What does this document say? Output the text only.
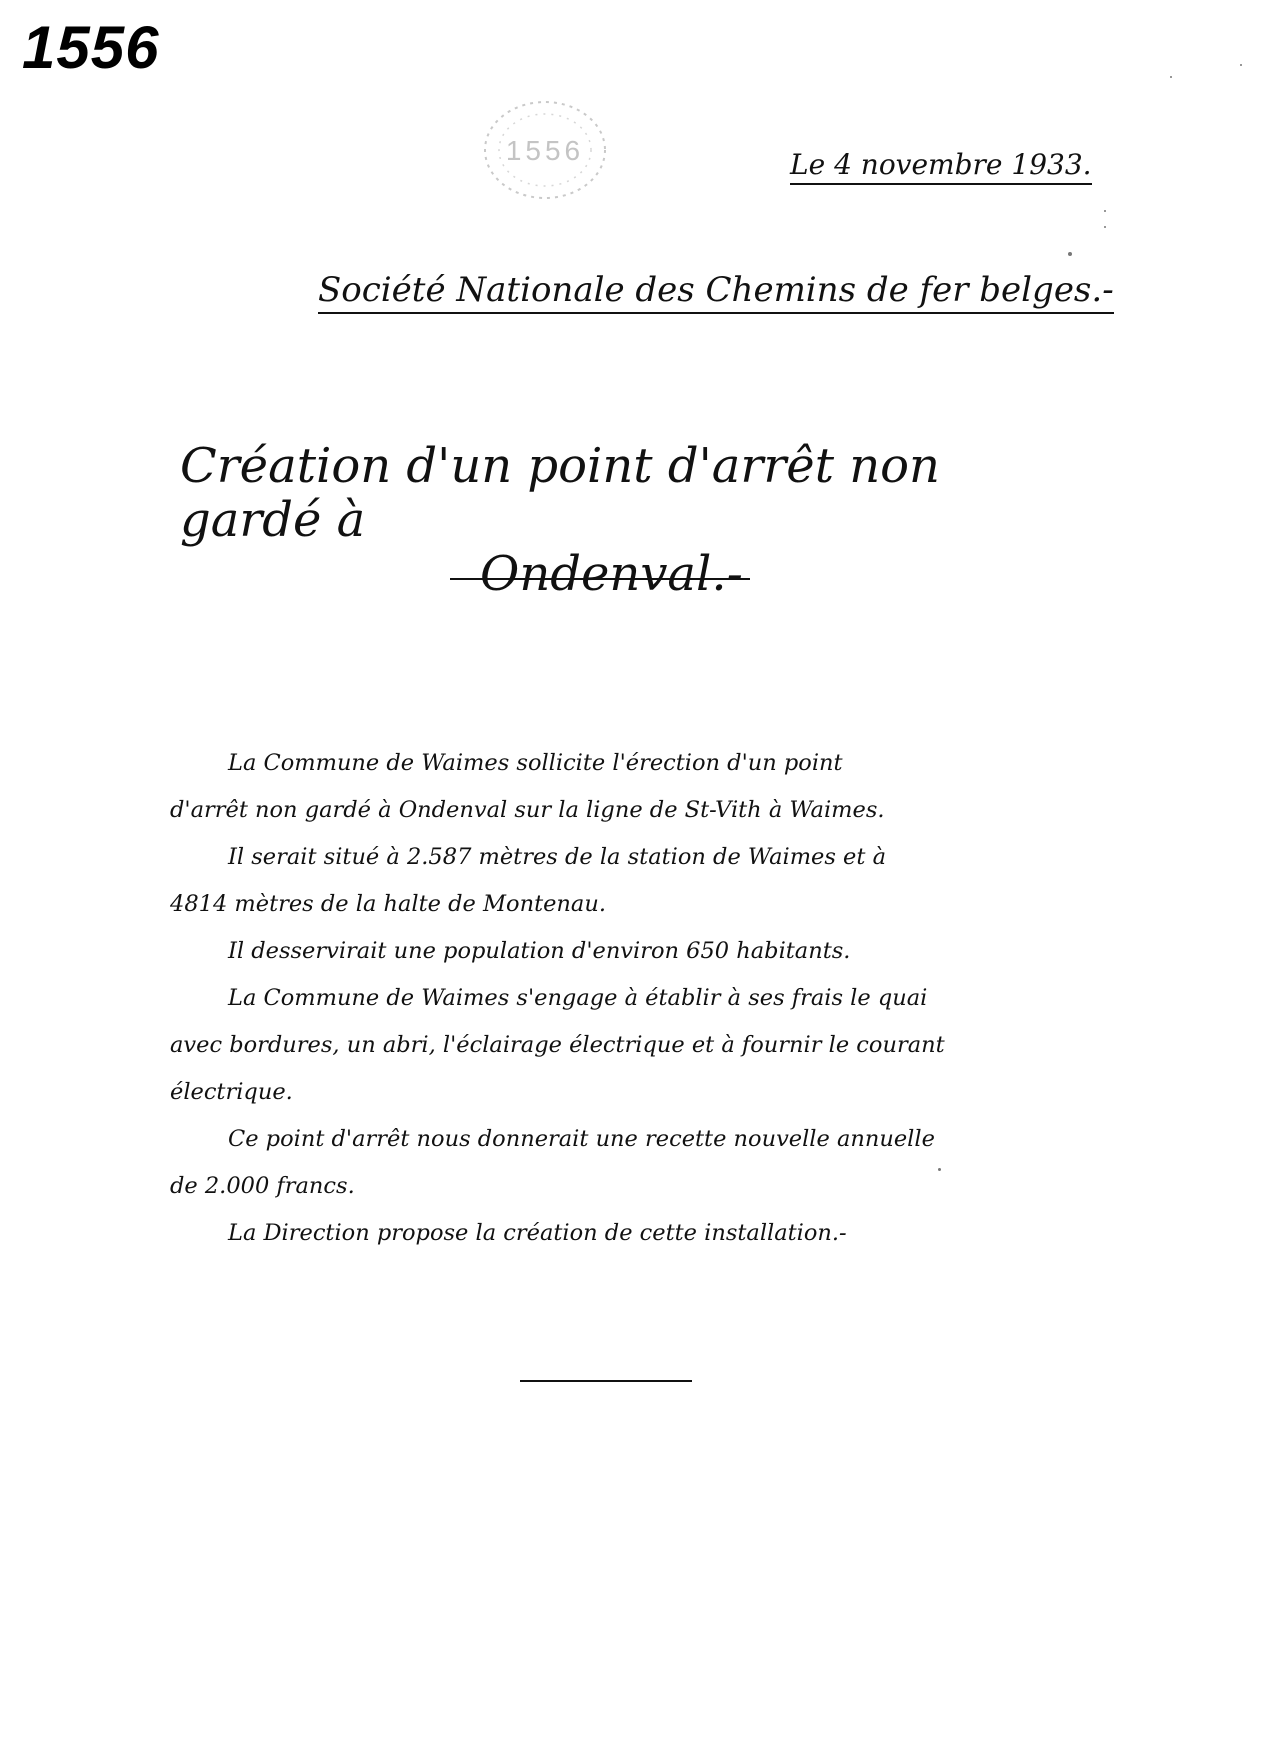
1556
1556	Le 4 novembre 1933.
Société Nationale des Chemins de fer belges.-
Création d'un point d'arrêt non gardé à
Ondenval.-
La Commune de Waimes sollicite l'érection d'un point
d'arrêt non gardé à Ondenval sur la ligne de St-Vith à Waimes.
Il serait situé à 2.587 mètres de la station de Waimes et à
4814 mètres de la halte de Montenau.
Il desservirait une population d'environ 650 habitants.
La Commune de Waimes s'engage à établir à ses frais le quai
avec bordures, un abri, l'éclairage électrique et à fournir le courant
électrique.
Ce point d'arrêt nous donnerait une recette nouvelle annuelle
de 2.000 francs.
La Direction propose la création de cette installation.-
